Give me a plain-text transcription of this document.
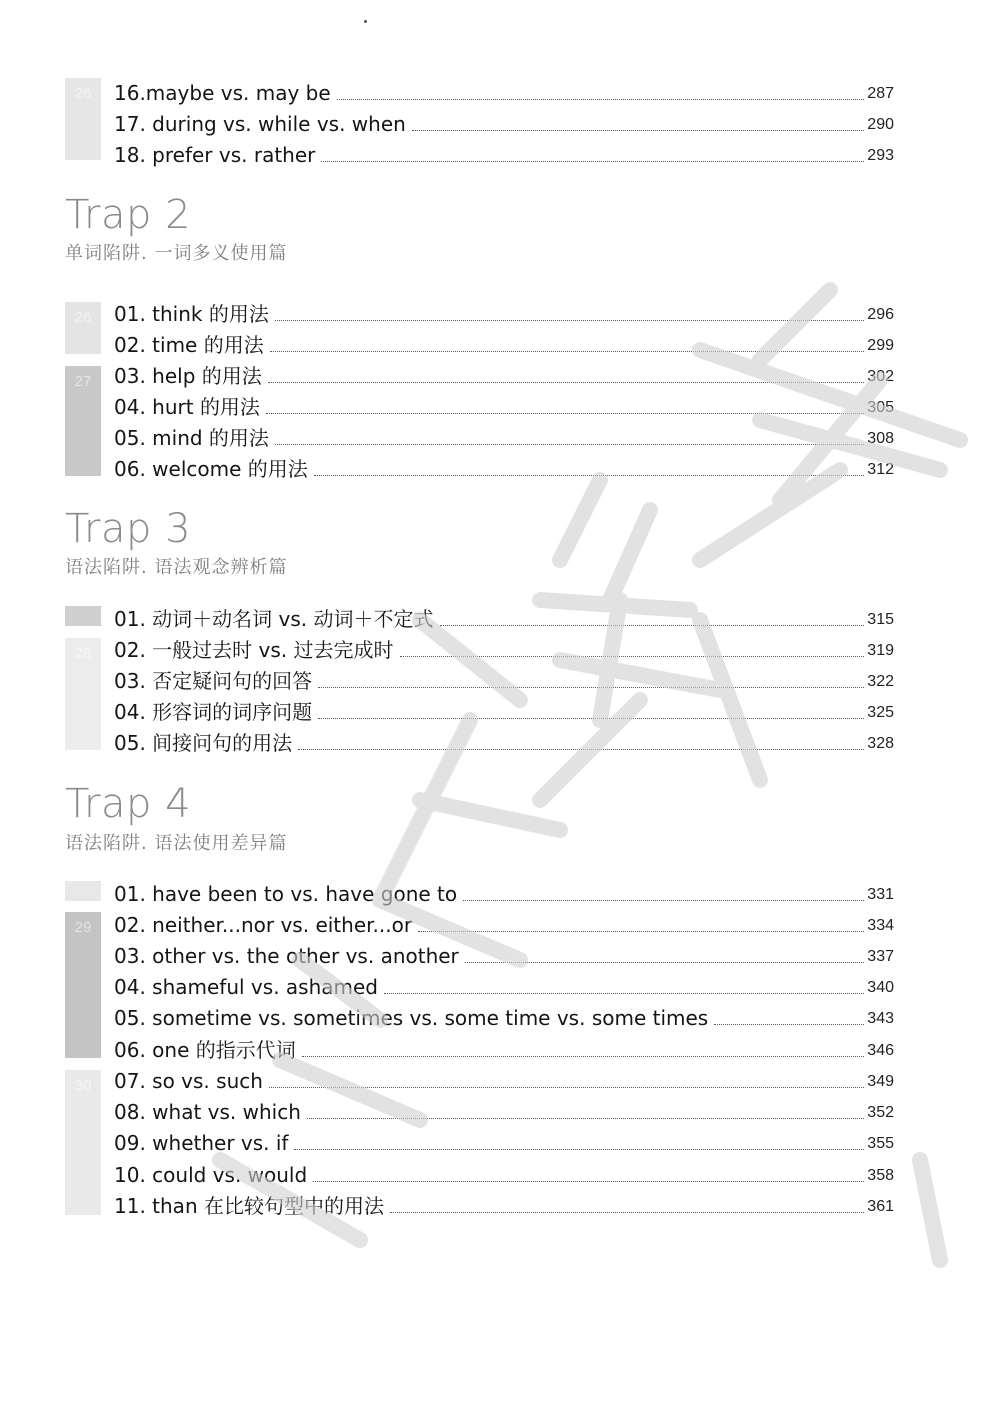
26
26
27
28
29
30
16.maybe vs. may be	287
17. during vs. while vs. when	290
18. prefer vs. rather	293
Trap 2

单词陷阱. 一词多义使用篇

01. think 的用法	296
02. time 的用法	299
03. help 的用法	302
04. hurt 的用法	305
05. mind 的用法	308
06. welcome 的用法	312
Trap 3

语法陷阱. 语法观念辨析篇

01. 动词＋动名词 vs. 动词＋不定式	315
02. 一般过去时 vs. 过去完成时	319
03. 否定疑问句的回答	322
04. 形容词的词序问题	325
05. 间接问句的用法	328
Trap 4

语法陷阱. 语法使用差异篇

01. have been to vs. have gone to	331
02. neither...nor vs. either...or	334
03. other vs. the other vs. another	337
04. shameful vs. ashamed	340
05. sometime vs. sometimes vs. some time vs. some times	343
06. one 的指示代词	346
07. so vs. such	349
08. what vs. which	352
09. whether vs. if	355
10. could vs. would	358
11. than 在比较句型中的用法	361
